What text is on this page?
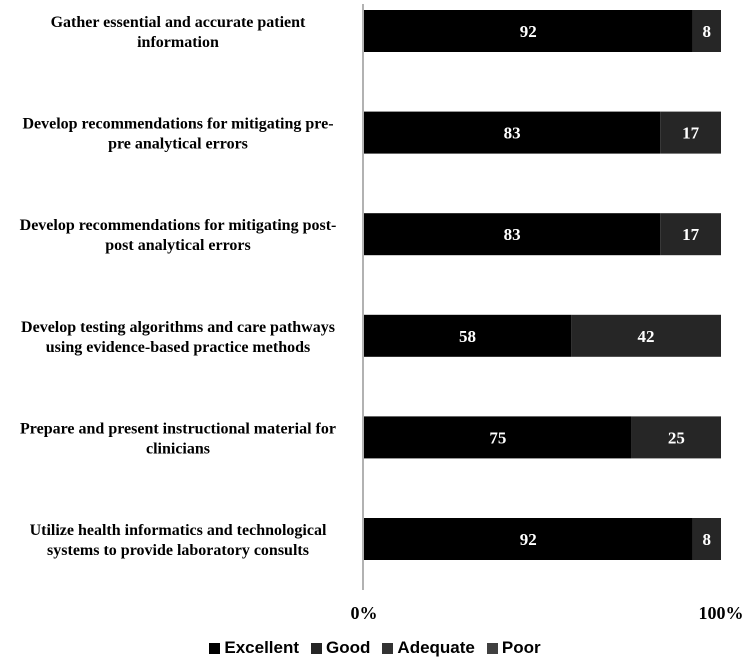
Gather essential and accurate patient information
Develop recommendations for mitigating pre-pre analytical errors
Develop recommendations for mitigating post-post analytical errors
Develop testing algorithms and care pathways using evidence-based practice methods
Prepare and present instructional material for clinicians
Utilize health informatics and technological systems to provide laboratory consults
92	8
83	17
83	17
58	42
75	25
92	8
0%	100%
Excellent Good Adequate Poor
